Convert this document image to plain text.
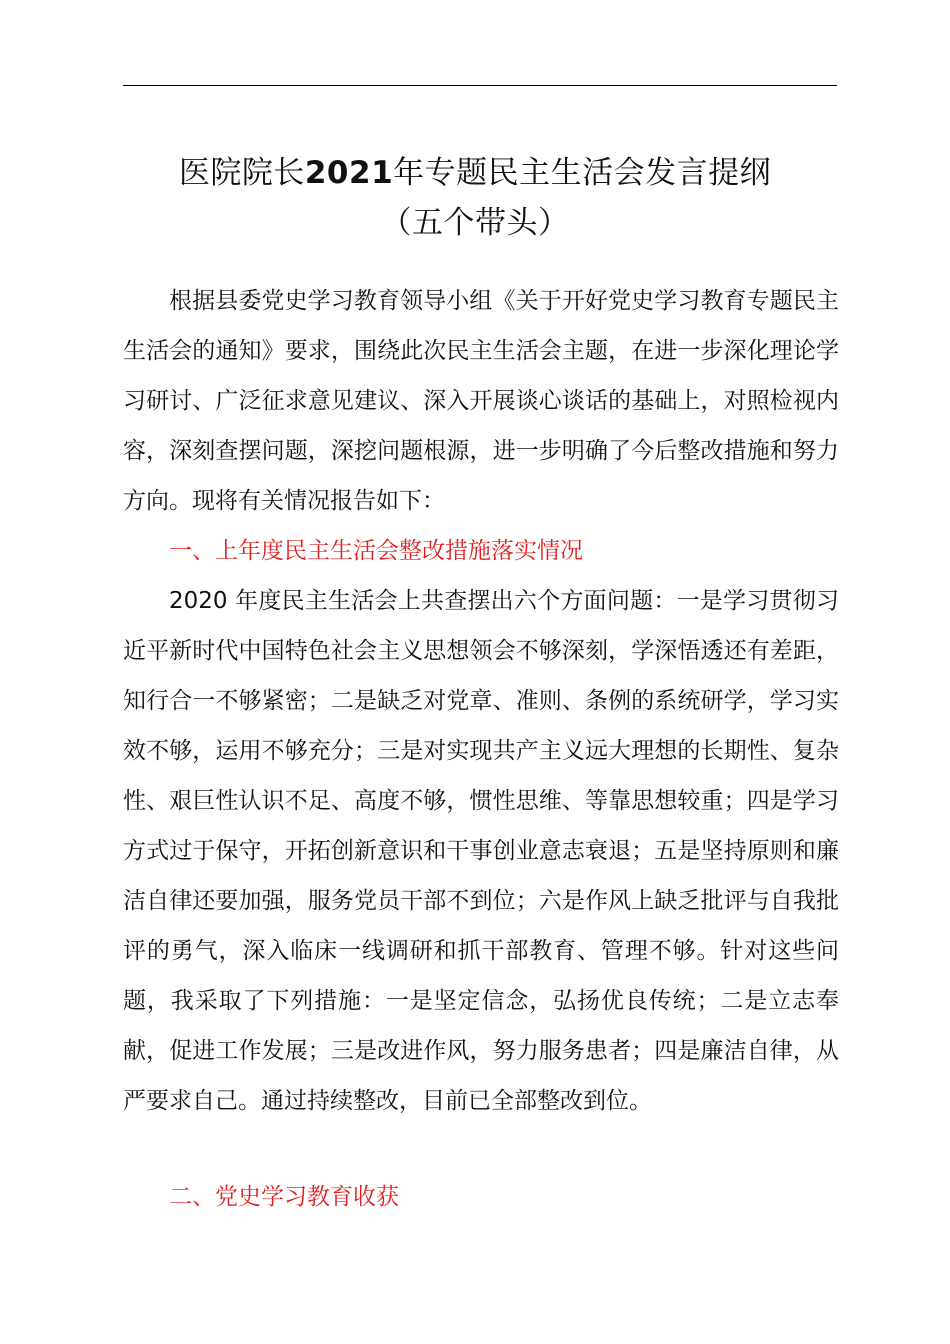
医院院长2021年专题民主生活会发言提纲
（五个带头）

根据县委党史学习教育领导小组《关于开好党史学习教育专题民主生活会的通知》要求，围绕此次民主生活会主题，在进一步深化理论学习研讨、广泛征求意见建议、深入开展谈心谈话的基础上，对照检视内容，深刻查摆问题，深挖问题根源，进一步明确了今后整改措施和努力方向。现将有关情况报告如下：

一、上年度民主生活会整改措施落实情况

2020 年度民主生活会上共查摆出六个方面问题：一是学习贯彻习近平新时代中国特色社会主义思想领会不够深刻，学深悟透还有差距，知行合一不够紧密；二是缺乏对党章、准则、条例的系统研学，学习实效不够，运用不够充分；三是对实现共产主义远大理想的长期性、复杂性、艰巨性认识不足、高度不够，惯性思维、等靠思想较重；四是学习方式过于保守，开拓创新意识和干事创业意志衰退；五是坚持原则和廉洁自律还要加强，服务党员干部不到位；六是作风上缺乏批评与自我批评的勇气，深入临床一线调研和抓干部教育、管理不够。针对这些问题，我采取了下列措施：一是坚定信念，弘扬优良传统；二是立志奉献，促进工作发展；三是改进作风，努力服务患者；四是廉洁自律，从严要求自己。通过持续整改，目前已全部整改到位。

二、党史学习教育收获
